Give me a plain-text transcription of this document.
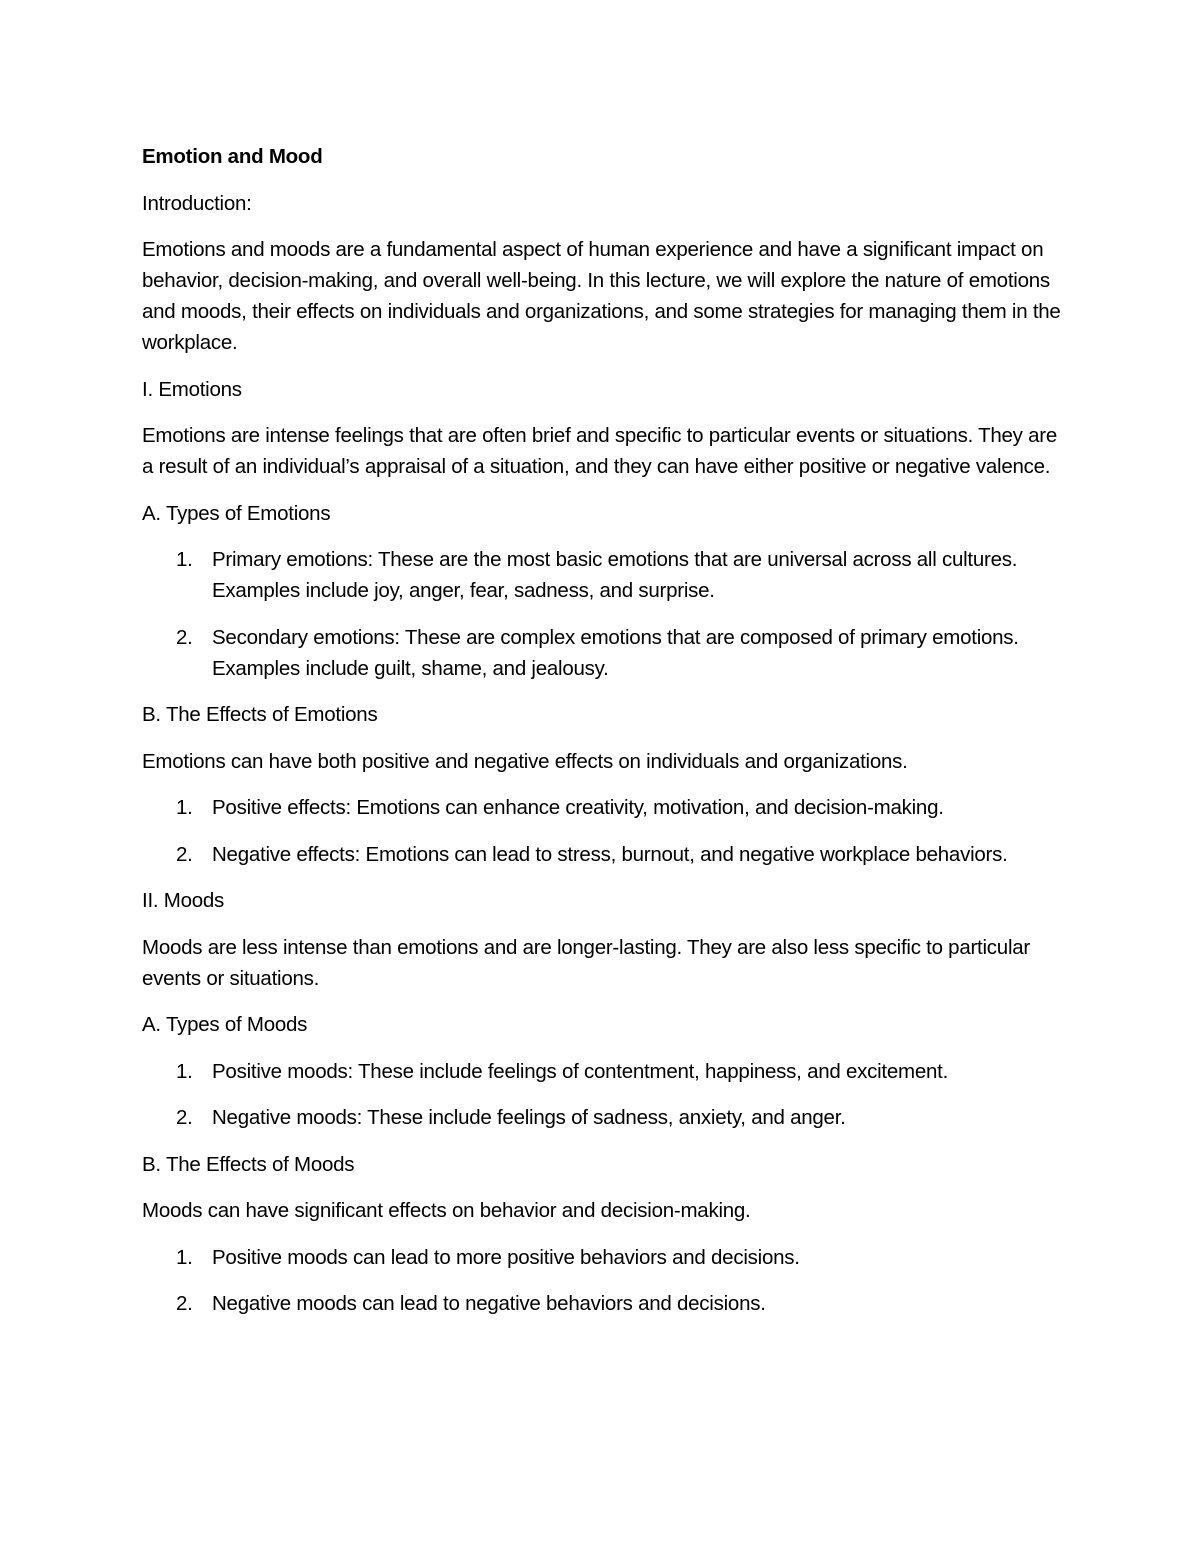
Emotion and Mood

Introduction:

Emotions and moods are a fundamental aspect of human experience and have a significant impact on behavior, decision-making, and overall well-being. In this lecture, we will explore the nature of emotions and moods, their effects on individuals and organizations, and some strategies for managing them in the workplace.

I. Emotions

Emotions are intense feelings that are often brief and specific to particular events or situations. They are a result of an individual’s appraisal of a situation, and they can have either positive or negative valence.

A. Types of Emotions

1. Primary emotions: These are the most basic emotions that are universal across all cultures. Examples include joy, anger, fear, sadness, and surprise.
2. Secondary emotions: These are complex emotions that are composed of primary emotions. Examples include guilt, shame, and jealousy.

B. The Effects of Emotions

Emotions can have both positive and negative effects on individuals and organizations.

1. Positive effects: Emotions can enhance creativity, motivation, and decision-making.
2. Negative effects: Emotions can lead to stress, burnout, and negative workplace behaviors.

II. Moods

Moods are less intense than emotions and are longer-lasting. They are also less specific to particular events or situations.

A. Types of Moods

1. Positive moods: These include feelings of contentment, happiness, and excitement.
2. Negative moods: These include feelings of sadness, anxiety, and anger.

B. The Effects of Moods

Moods can have significant effects on behavior and decision-making.

1. Positive moods can lead to more positive behaviors and decisions.
2. Negative moods can lead to negative behaviors and decisions.
